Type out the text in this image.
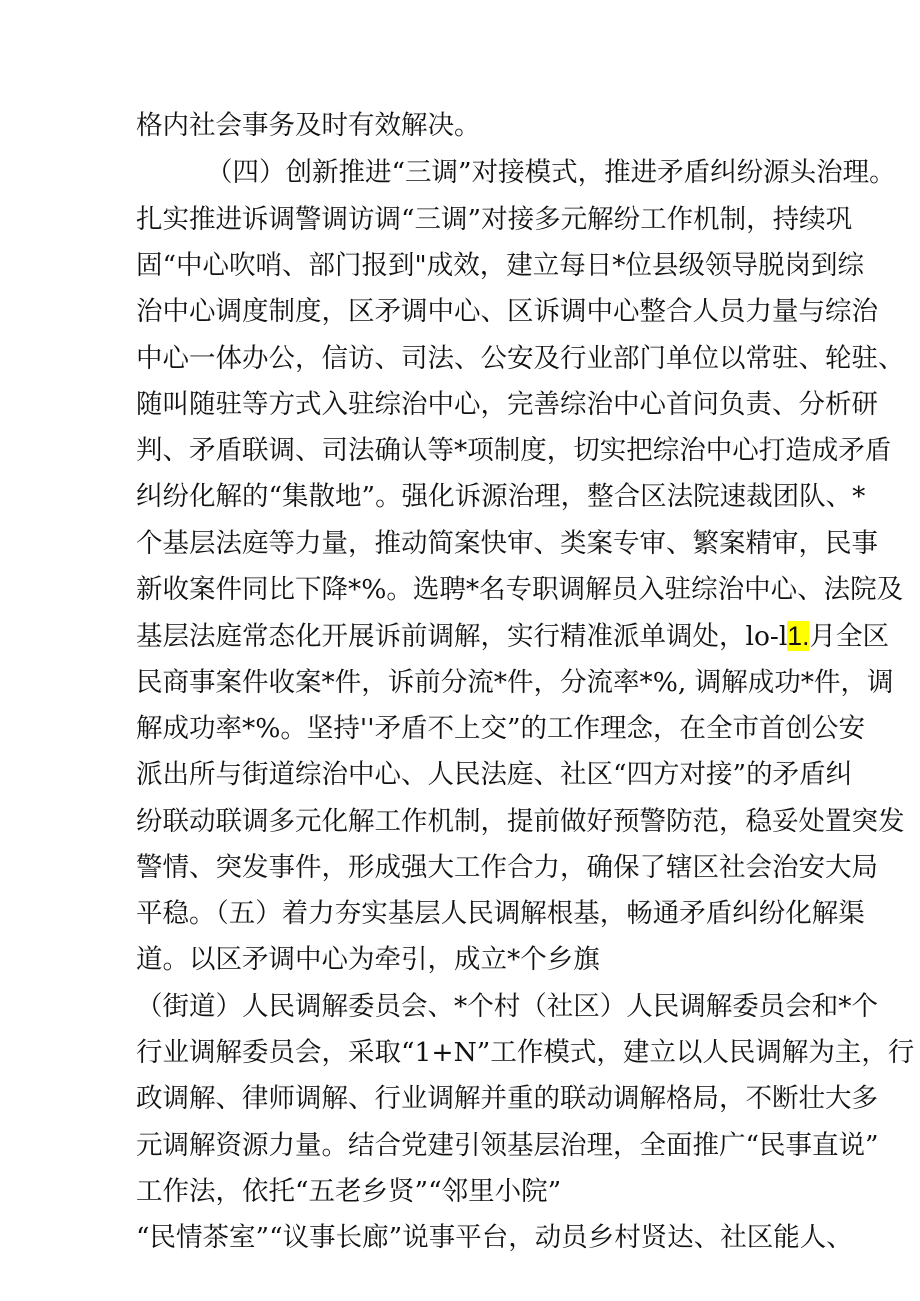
格内社会事务及时有效解决。
（四）创新推进“三调”对接模式，推进矛盾纠纷源头治理。
扎实推进诉调警调访调“三调”对接多元解纷工作机制，持续巩
固“中心吹哨、部门报到"成效，建立每日*位县级领导脱岗到综
治中心调度制度，区矛调中心、区诉调中心整合人员力量与综治
中心一体办公，信访、司法、公安及行业部门单位以常驻、轮驻、
随叫随驻等方式入驻综治中心，完善综治中心首问负责、分析研
判、矛盾联调、司法确认等*项制度，切实把综治中心打造成矛盾
纠纷化解的“集散地”。强化诉源治理，整合区法院速裁团队、*
个基层法庭等力量，推动简案快审、类案专审、繁案精审，民事
新收案件同比下降*%。选聘*名专职调解员入驻综治中心、法院及
基层法庭常态化开展诉前调解，实行精准派单调处，lo-l1.月全区
民商事案件收案*件，诉前分流*件，分流率*%, 调解成功*件，调
解成功率*%。坚持''矛盾不上交”的工作理念，在全市首创公安
派出所与街道综治中心、人民法庭、社区“四方对接”的矛盾纠
纷联动联调多元化解工作机制，提前做好预警防范，稳妥处置突发
警情、突发事件，形成强大工作合力，确保了辖区社会治安大局
平稳。（五）着力夯实基层人民调解根基，畅通矛盾纠纷化解渠
道。以区矛调中心为牵引，成立*个乡旗
（街道）人民调解委员会、*个村（社区）人民调解委员会和*个
行业调解委员会，采取“1+N”工作模式，建立以人民调解为主，行
政调解、律师调解、行业调解并重的联动调解格局，不断壮大多
元调解资源力量。结合党建引领基层治理，全面推广“民事直说”
工作法，依托“五老乡贤”“邻里小院”
“民情茶室”“议事长廊”说事平台，动员乡村贤达、社区能人、
